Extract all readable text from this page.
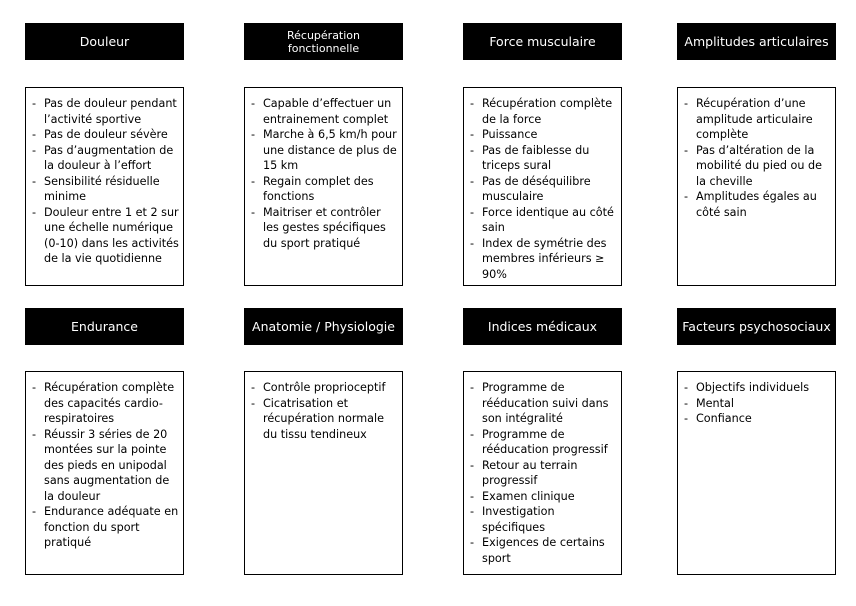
Douleur
- Pas de douleur pendant l’activité sportive
- Pas de douleur sévère
- Pas d’augmentation de la douleur à l’effort
- Sensibilité résiduelle minime
- Douleur entre 1 et 2 sur une échelle numérique (0-10) dans les activités de la vie quotidienne
Récupération
fonctionnelle
- Capable d’effectuer un entrainement complet
- Marche à 6,5 km/h pour une distance de plus de 15 km
- Regain complet des fonctions
- Maitriser et contrôler les gestes spécifiques du sport pratiqué
Force musculaire
- Récupération complète de la force
- Puissance
- Pas de faiblesse du triceps sural
- Pas de déséquilibre musculaire
- Force identique au côté sain
- Index de symétrie des membres inférieurs ≥ 90%
Amplitudes articulaires
- Récupération d’une amplitude articulaire complète
- Pas d’altération de la mobilité du pied ou de la cheville
- Amplitudes égales au côté sain
Endurance
- Récupération complète des capacités cardio-respiratoires
- Réussir 3 séries de 20 montées sur la pointe des pieds en unipodal sans augmentation de la douleur
- Endurance adéquate en fonction du sport pratiqué
Anatomie / Physiologie
- Contrôle proprioceptif
- Cicatrisation et récupération normale du tissu tendineux
Indices médicaux
- Programme de rééducation suivi dans son intégralité
- Programme de rééducation progressif
- Retour au terrain progressif
- Examen clinique
- Investigation spécifiques
- Exigences de certains sport
Facteurs psychosociaux
- Objectifs individuels
- Mental
- Confiance
